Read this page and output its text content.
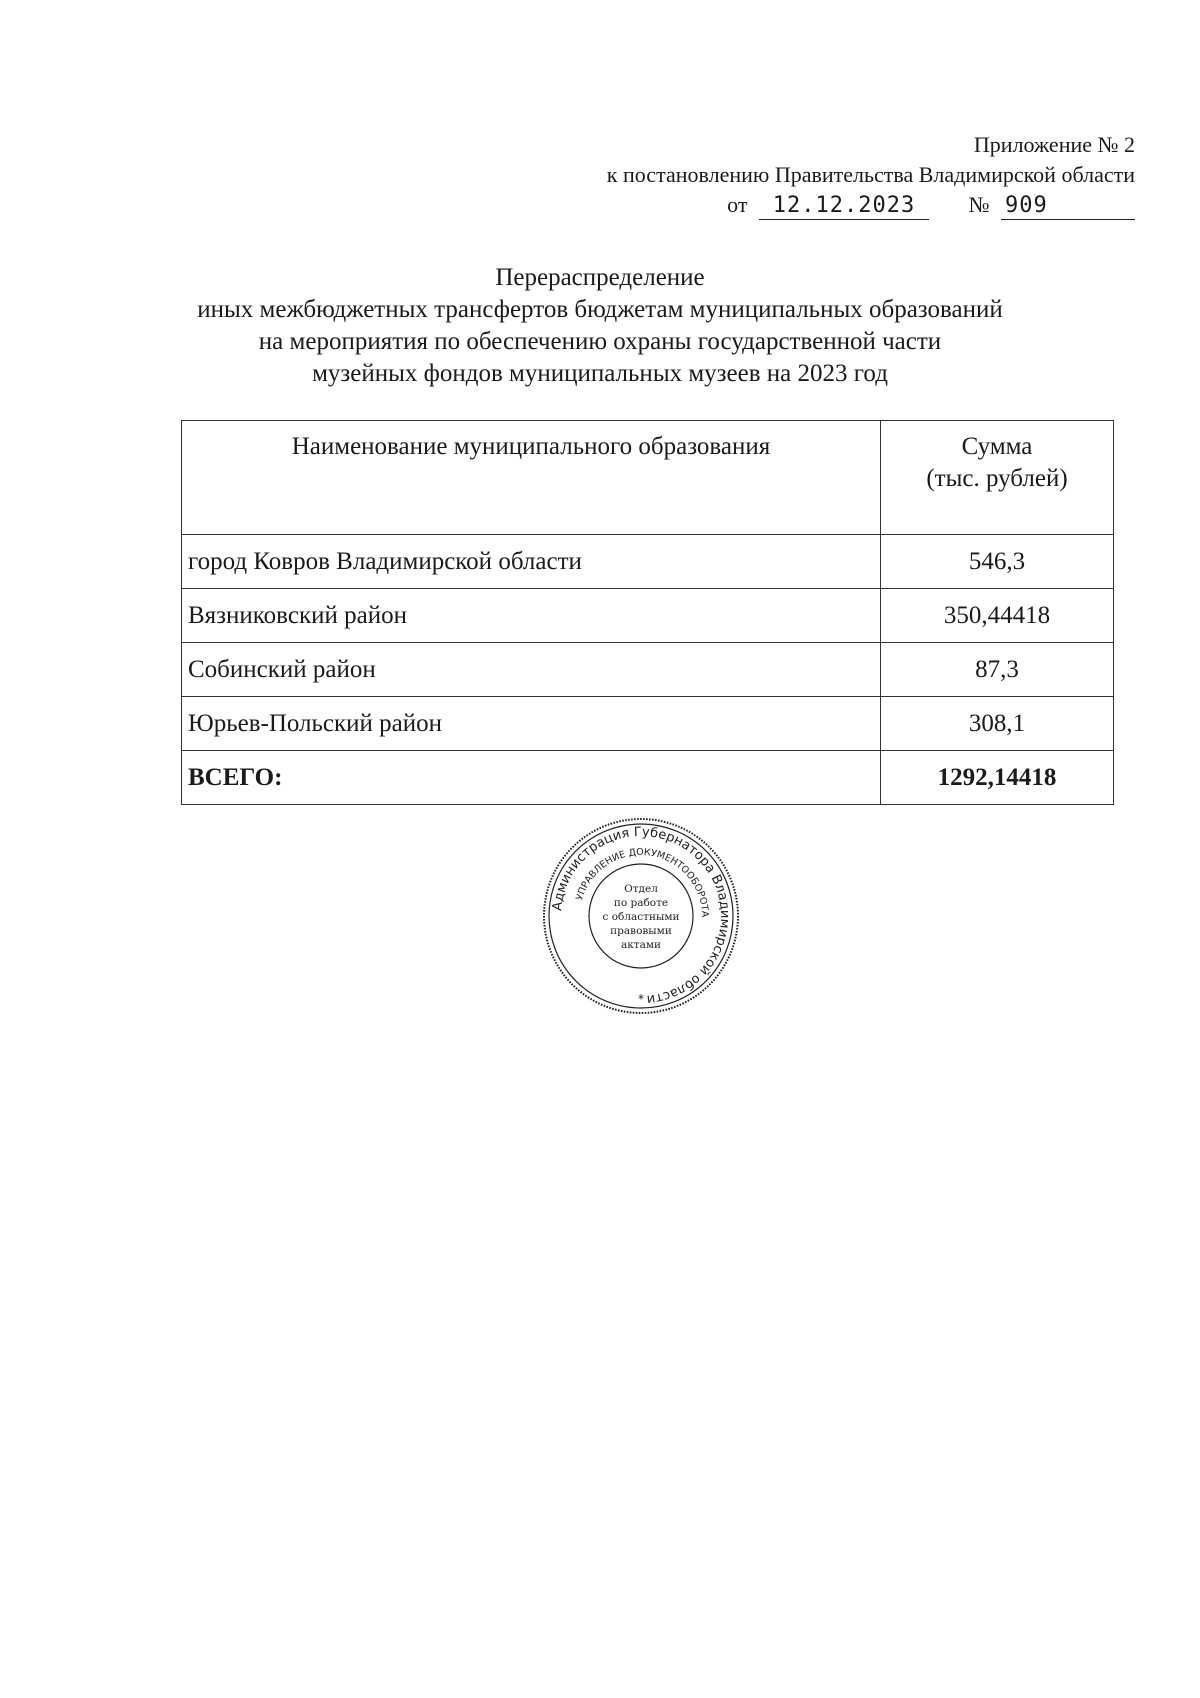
Приложение № 2
к постановлению Правительства Владимирской области
от 12.12.2023 № 909
Перераспределение
иных межбюджетных трансфертов бюджетам муниципальных образований
на мероприятия по обеспечению охраны государственной части
музейных фондов муниципальных музеев на 2023 год
Наименование муниципального образования	Сумма
(тыс. рублей)
город Ковров Владимирской области	546,3
Вязниковский район	350,44418
Собинский район	87,3
Юрьев-Польский район	308,1
ВСЕГО:	1292,14418
Администрация Губернатора Владимирской области
УПРАВЛЕНИЕ ДОКУМЕНТООБОРОТА
Отдел
по работе
с областными
правовыми
актами
*
